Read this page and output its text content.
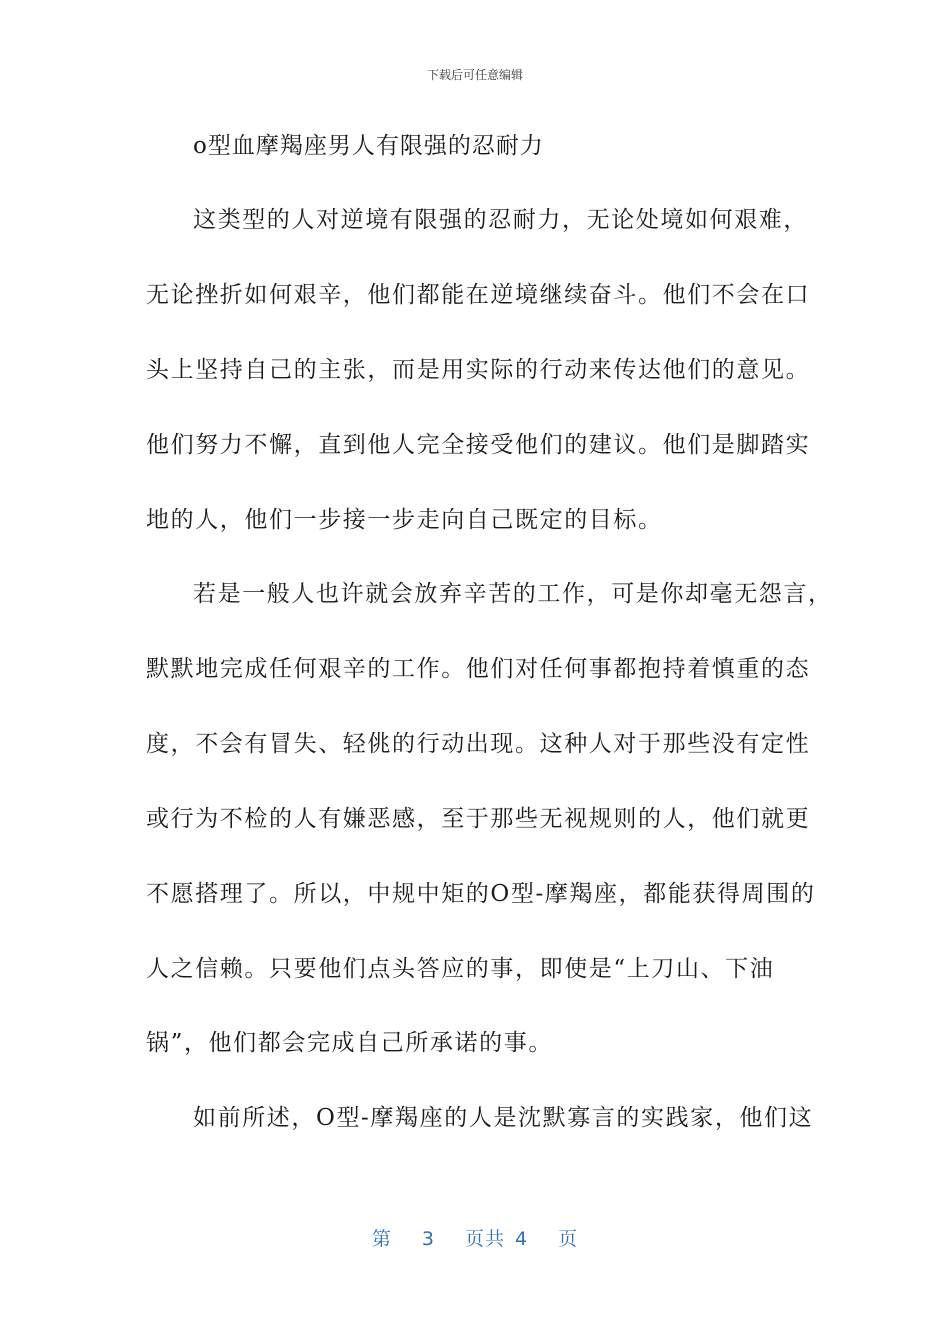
下载后可任意编辑
o型血摩羯座男人有限强的忍耐力
这类型的人对逆境有限强的忍耐力，无论处境如何艰难，
无论挫折如何艰辛，他们都能在逆境继续奋斗。他们不会在口
头上坚持自己的主张，而是用实际的行动来传达他们的意见。
他们努力不懈，直到他人完全接受他们的建议。他们是脚踏实
地的人，他们一步接一步走向自己既定的目标。
若是一般人也许就会放弃辛苦的工作，可是你却毫无怨言，
默默地完成任何艰辛的工作。他们对任何事都抱持着慎重的态
度，不会有冒失、轻佻的行动出现。这种人对于那些没有定性
或行为不检的人有嫌恶感，至于那些无视规则的人，他们就更
不愿搭理了。所以，中规中矩的O型-摩羯座，都能获得周围的
人之信赖。只要他们点头答应的事，即使是“上刀山、下油
锅”，他们都会完成自己所承诺的事。
如前所述，O型-摩羯座的人是沈默寡言的实践家，他们这
第 3 页共 4 页
